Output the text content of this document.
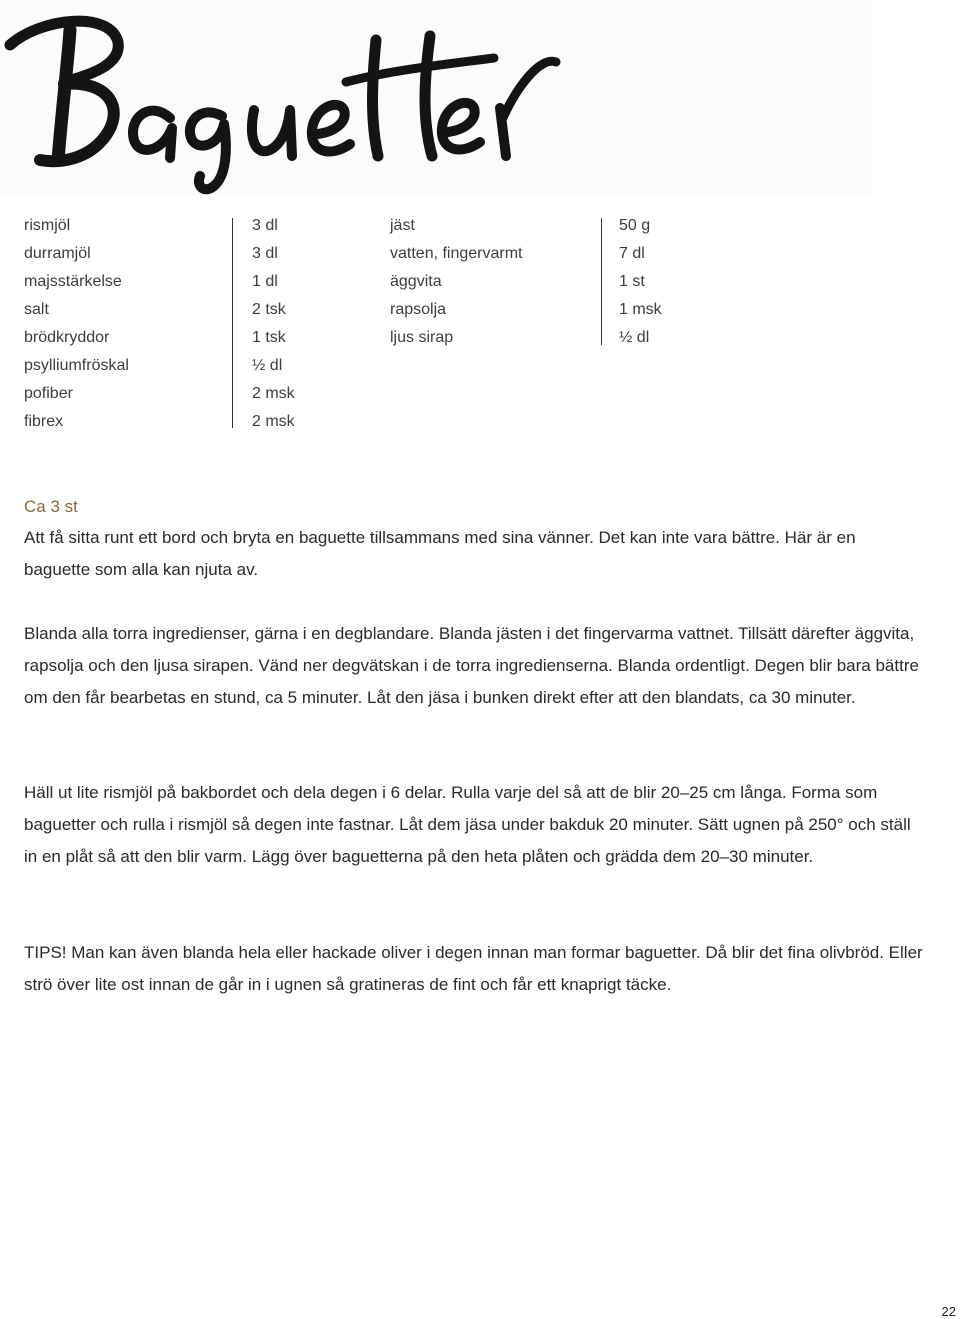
rismjöl
durramjöl
majsstärkelse
salt
brödkryddor
psylliumfröskal
pofiber
fibrex
3 dl
3 dl
1 dl
2 tsk
1 tsk
½ dl
2 msk
2 msk
jäst
vatten, fingervarmt
äggvita
rapsolja
ljus sirap
50 g
7 dl
1 st
1 msk
½ dl
Ca 3 st
Att få sitta runt ett bord och bryta en baguette tillsammans med sina vänner. Det kan inte vara bättre. Här är en baguette som alla kan njuta av.
Blanda alla torra ingredienser, gärna i en degblandare. Blanda jästen i det fingervarma vattnet. Tillsätt därefter äggvita, rapsolja och den ljusa sirapen. Vänd ner degvätskan i de torra ingredienserna. Blanda ordentligt. Degen blir bara bättre om den får bearbetas en stund, ca 5 minuter. Låt den jäsa i bunken direkt efter att den blandats, ca 30 minuter.
Häll ut lite rismjöl på bakbordet och dela degen i 6 delar. Rulla varje del så att de blir 20–25 cm långa. Forma som baguetter och rulla i rismjöl så degen inte fastnar. Låt dem jäsa under bakduk 20 minuter. Sätt ugnen på 250° och ställ in en plåt så att den blir varm. Lägg över baguetterna på den heta plåten och grädda dem 20–30 minuter.
TIPS! Man kan även blanda hela eller hackade oliver i degen innan man formar baguetter. Då blir det fina olivbröd. Eller strö över lite ost innan de går in i ugnen så gratineras de fint och får ett knaprigt täcke.
22
